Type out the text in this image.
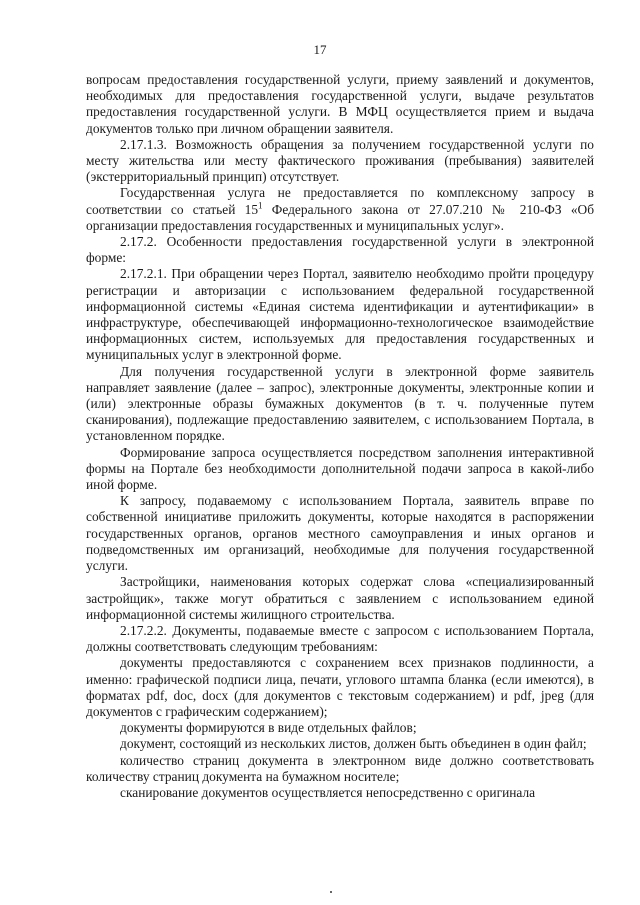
17

вопросам предоставления государственной услуги, приему заявлений и документов, необходимых для предоставления государственной услуги, выдаче результатов предоставления государственной услуги. В МФЦ осуществляется прием и выдача документов только при личном обращении заявителя.

2.17.1.3. Возможность обращения за получением государственной услуги по месту жительства или месту фактического проживания (пребывания) заявителей (экстерриториальный принцип) отсутствует.

Государственная услуга не предоставляется по комплексному запросу в соответствии со статьей $15^1$ Федерального закона от 27.07.210 № 210-ФЗ «Об организации предоставления государственных и муниципальных услуг».

2.17.2. Особенности предоставления государственной услуги в электронной форме:

2.17.2.1. При обращении через Портал, заявителю необходимо пройти процедуру регистрации и авторизации с использованием федеральной государственной информационной системы «Единая система идентификации и аутентификации» в инфраструктуре, обеспечивающей информационно-технологическое взаимодействие информационных систем, используемых для предоставления государственных и муниципальных услуг в электронной форме.

Для получения государственной услуги в электронной форме заявитель направляет заявление (далее – запрос), электронные документы, электронные копии и (или) электронные образы бумажных документов (в т. ч. полученные путем сканирования), подлежащие предоставлению заявителем, с использованием Портала, в установленном порядке.

Формирование запроса осуществляется посредством заполнения интерактивной формы на Портале без необходимости дополнительной подачи запроса в какой-либо иной форме.

К запросу, подаваемому с использованием Портала, заявитель вправе по собственной инициативе приложить документы, которые находятся в распоряжении государственных органов, органов местного самоуправления и иных органов и подведомственных им организаций, необходимые для получения государственной услуги.

Застройщики, наименования которых содержат слова «специализированный застройщик», также могут обратиться с заявлением с использованием единой информационной системы жилищного строительства.

2.17.2.2. Документы, подаваемые вместе с запросом с использованием Портала, должны соответствовать следующим требованиям:

документы предоставляются с сохранением всех признаков подлинности, а именно: графической подписи лица, печати, углового штампа бланка (если имеются), в форматах pdf, doc, docx (для документов с текстовым содержанием) и pdf, jpeg (для документов с графическим содержанием);

документы формируются в виде отдельных файлов;

документ, состоящий из нескольких листов, должен быть объединен в один файл;

количество страниц документа в электронном виде должно соответствовать количеству страниц документа на бумажном носителе;

сканирование документов осуществляется непосредственно с оригинала
